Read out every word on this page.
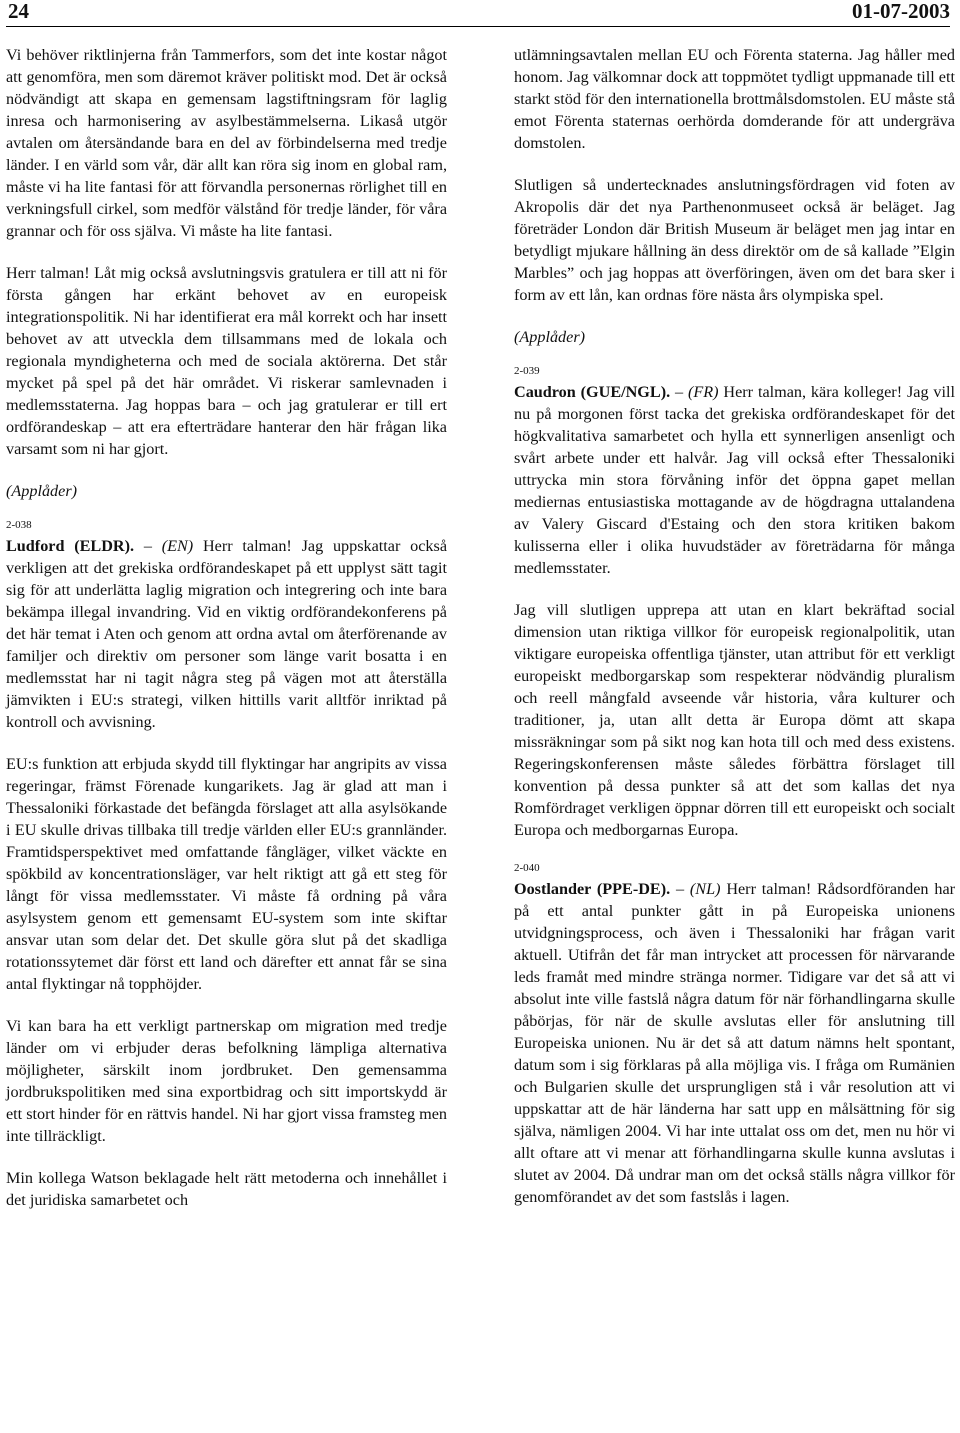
24	01-07-2003

Vi behöver riktlinjerna från Tammerfors, som det inte kostar något att genomföra, men som däremot kräver politiskt mod. Det är också nödvändigt att skapa en gemensam lagstiftningsram för laglig inresa och harmonisering av asylbestämmelserna. Likaså utgör avtalen om återsändande bara en del av förbindelserna med tredje länder. I en värld som vår, där allt kan röra sig inom en global ram, måste vi ha lite fantasi för att förvandla personernas rörlighet till en verkningsfull cirkel, som medför välstånd för tredje länder, för våra grannar och för oss själva. Vi måste ha lite fantasi.

Herr talman! Låt mig också avslutningsvis gratulera er till att ni för första gången har erkänt behovet av en europeisk integrationspolitik. Ni har identifierat era mål korrekt och har insett behovet av att utveckla dem tillsammans med de lokala och regionala myndigheterna och med de sociala aktörerna. Det står mycket på spel på det här området. Vi riskerar samlevnaden i medlemsstaterna. Jag hoppas bara – och jag gratulerar er till ert ordförandeskap – att era efterträdare hanterar den här frågan lika varsamt som ni har gjort.

(Applåder)
2-038

Ludford (ELDR). – (EN) Herr talman! Jag uppskattar också verkligen att det grekiska ordförandeskapet på ett upplyst sätt tagit sig för att underlätta laglig migration och integrering och inte bara bekämpa illegal invandring. Vid en viktig ordförandekonferens på det här temat i Aten och genom att ordna avtal om återförenande av familjer och direktiv om personer som länge varit bosatta i en medlemsstat har ni tagit några steg på vägen mot att återställa jämvikten i EU:s strategi, vilken hittills varit alltför inriktad på kontroll och avvisning.

EU:s funktion att erbjuda skydd till flyktingar har angripits av vissa regeringar, främst Förenade kungarikets. Jag är glad att man i Thessaloniki förkastade det befängda förslaget att alla asylsökande i EU skulle drivas tillbaka till tredje världen eller EU:s grannländer. Framtidsperspektivet med omfattande fångläger, vilket väckte en spökbild av koncentrationsläger, var helt riktigt att gå ett steg för långt för vissa medlemsstater. Vi måste få ordning på våra asylsystem genom ett gemensamt EU-system som inte skiftar ansvar utan som delar det. Det skulle göra slut på det skadliga rotationssytemet där först ett land och därefter ett annat får se sina antal flyktingar nå topphöjder.

Vi kan bara ha ett verkligt partnerskap om migration med tredje länder om vi erbjuder deras befolkning lämpliga alternativa möjligheter, särskilt inom jordbruket. Den gemensamma jordbrukspolitiken med sina exportbidrag och sitt importskydd är ett stort hinder för en rättvis handel. Ni har gjort vissa framsteg men inte tillräckligt.

Min kollega Watson beklagade helt rätt metoderna och innehållet i det juridiska samarbetet och

utlämningsavtalen mellan EU och Förenta staterna. Jag håller med honom. Jag välkomnar dock att toppmötet tydligt uppmanade till ett starkt stöd för den internationella brottmålsdomstolen. EU måste stå emot Förenta staternas oerhörda domderande för att undergräva domstolen.

Slutligen så undertecknades anslutningsfördragen vid foten av Akropolis där det nya Parthenonmuseet också är beläget. Jag företräder London där British Museum är beläget men jag intar en betydligt mjukare hållning än dess direktör om de så kallade ”Elgin Marbles” och jag hoppas att överföringen, även om det bara sker i form av ett lån, kan ordnas före nästa års olympiska spel.

(Applåder)
2-039

Caudron (GUE/NGL). – (FR) Herr talman, kära kolleger! Jag vill nu på morgonen först tacka det grekiska ordförandeskapet för det högkvalitativa samarbetet och hylla ett synnerligen ansenligt och svårt arbete under ett halvår. Jag vill också efter Thessaloniki uttrycka min stora förvåning inför det öppna gapet mellan mediernas entusiastiska mottagande av de högdragna uttalandena av Valery Giscard d'Estaing och den stora kritiken bakom kulisserna eller i olika huvudstäder av företrädarna för många medlemsstater.

Jag vill slutligen upprepa att utan en klart bekräftad social dimension utan riktiga villkor för europeisk regionalpolitik, utan viktigare europeiska offentliga tjänster, utan attribut för ett verkligt europeiskt medborgarskap som respekterar nödvändig pluralism och reell mångfald avseende vår historia, våra kulturer och traditioner, ja, utan allt detta är Europa dömt att skapa missräkningar som på sikt nog kan hota till och med dess existens. Regeringskonferensen måste således förbättra förslaget till konvention på dessa punkter så att det som kallas det nya Romfördraget verkligen öppnar dörren till ett europeiskt och socialt Europa och medborgarnas Europa.

2-040

Oostlander (PPE-DE). – (NL) Herr talman! Rådsordföranden har på ett antal punkter gått in på Europeiska unionens utvidgningsprocess, och även i Thessaloniki har frågan varit aktuell. Utifrån det får man intrycket att processen för närvarande leds framåt med mindre stränga normer. Tidigare var det så att vi absolut inte ville fastslå några datum för när förhandlingarna skulle påbörjas, för när de skulle avslutas eller för anslutning till Europeiska unionen. Nu är det så att datum nämns helt spontant, datum som i sig förklaras på alla möjliga vis. I fråga om Rumänien och Bulgarien skulle det ursprungligen stå i vår resolution att vi uppskattar att de här länderna har satt upp en målsättning för sig själva, nämligen 2004. Vi har inte uttalat oss om det, men nu hör vi allt oftare att vi menar att förhandlingarna skulle kunna avslutas i slutet av 2004. Då undrar man om det också ställs några villkor för genomförandet av det som fastslås i lagen.
